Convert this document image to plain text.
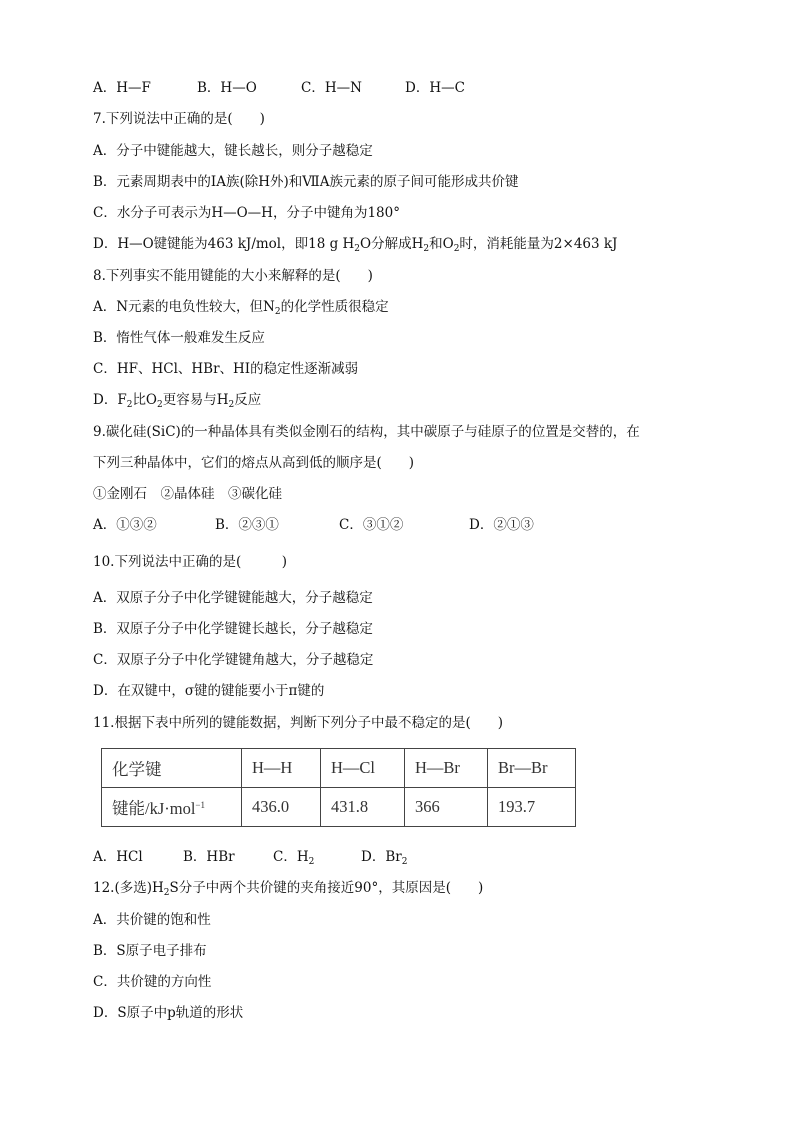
A．H—F	B．H—O	C．H—N	D．H—C
7.下列说法中正确的是(　　)
A．分子中键能越大，键长越长，则分子越稳定
B．元素周期表中的ⅠA族(除H外)和ⅦA族元素的原子间可能形成共价键
C．水分子可表示为H—O—H，分子中键角为180°
D．H—O键键能为463 kJ/mol，即18 g $H_2O$分解成$H_2$和$O_2$时，消耗能量为2×463 kJ
8.下列事实不能用键能的大小来解释的是(　　)
A．N元素的电负性较大，但$N_2$的化学性质很稳定
B．惰性气体一般难发生反应
C．HF、HCl、HBr、HI的稳定性逐渐减弱
D．$F_2$比$O_2$更容易与$H_2$反应
9.碳化硅(SiC)的一种晶体具有类似金刚石的结构，其中碳原子与硅原子的位置是交替的，在
下列三种晶体中，它们的熔点从高到低的顺序是(　　)
①金刚石　②晶体硅　③碳化硅
A．①③②	B．②③①	C．③①②	D．②①③
10.下列说法中正确的是(　　　)
A．双原子分子中化学键键能越大，分子越稳定
B．双原子分子中化学键键长越长，分子越稳定
C．双原子分子中化学键键角越大，分子越稳定
D．在双键中，σ键的键能要小于π键的
11.根据下表中所列的键能数据，判断下列分子中最不稳定的是(　　)
化学键	H—H	H—Cl	H—Br	Br—Br
键能/kJ·mol$^{-1}$	436.0	431.8	366	193.7
A．HCl	B．HBr	C．$H_2$	D．$Br_2$
12.(多选)$H_2S$分子中两个共价键的夹角接近90°，其原因是(　　)
A．共价键的饱和性
B．S原子电子排布
C．共价键的方向性
D．S原子中p轨道的形状
